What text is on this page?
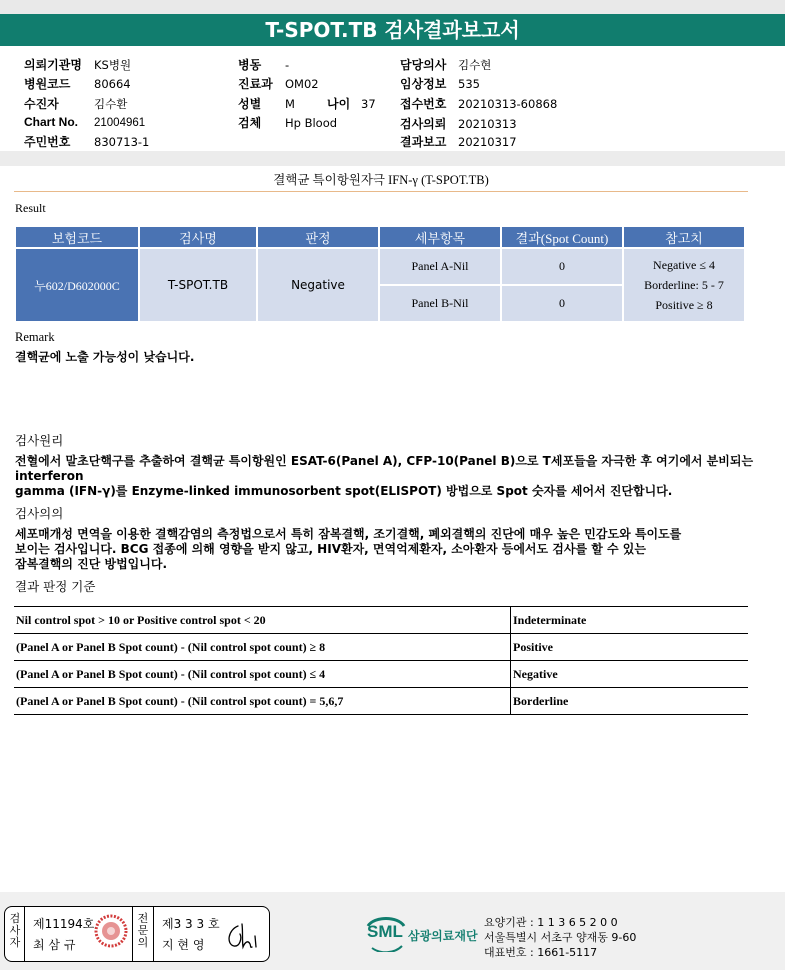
T-SPOT.TB 검사결과보고서
의뢰기관명 KS병원
병원코드 80664
수진자	김수환
Chart No. 21004961
주민번호 830713-1
병동 -
진료과 OM02
성별 M	나이 37
검체 Hp Blood
담당의사 김수현
임상정보 535
접수번호 20210313-60868
검사의뢰 20210313
결과보고 20210317
결핵균 특이항원자극 IFN-γ (T-SPOT.TB)
Result
보험코드	검사명	판정	세부항목	결과(Spot Count)	참고치
누602/D602000C	T-SPOT.TB	Negative	Panel A-Nil	0	Negative ≤ 4
Borderline: 5 - 7
Positive ≥ 8

			Panel B-Nil	0	
Remark
결핵균에 노출 가능성이 낮습니다.
검사원리
전혈에서 말초단핵구를 추출하여 결핵균 특이항원인 ESAT-6(Panel A), CFP-10(Panel B)으로 T세포들을 자극한 후 여기에서 분비되는 interferon
gamma (IFN-γ)를 Enzyme-linked immunosorbent spot(ELISPOT) 방법으로 Spot 숫자를 세어서 진단합니다.
검사의의
세포매개성 면역을 이용한 결핵감염의 측정법으로서 특히 잠복결핵, 조기결핵, 폐외결핵의 진단에 매우 높은 민감도와 특이도를
보이는 검사입니다. BCG 접종에 의해 영향을 받지 않고, HIV환자, 면역억제환자, 소아환자 등에서도 검사를 할 수 있는
잠복결핵의 진단 방법입니다.
결과 판정 기준
Nil control spot > 10 or Positive control spot < 20	Indeterminate
(Panel A or Panel B Spot count) - (Nil control spot count) ≥ 8	Positive
(Panel A or Panel B Spot count) - (Nil control spot count) ≤ 4	Negative
(Panel A or Panel B Spot count) - (Nil control spot count) = 5,6,7	Borderline
검사자
제11194호
최 삼 규
전문의
제3 3 3 호
지 현 영
SML 삼광의료재단
요양기관 : 1 1 3 6 5 2 0 0
서울특별시 서초구 양재동 9-60
대표번호 : 1661-5117
